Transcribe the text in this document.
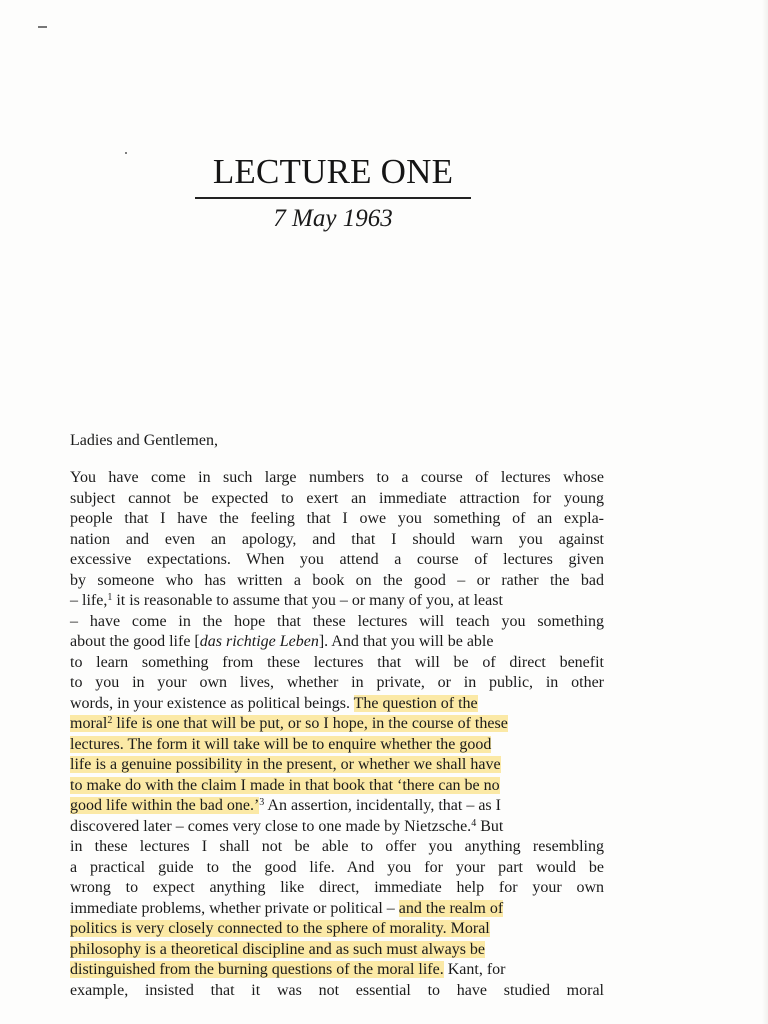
LECTURE ONE
7 May 1963
Ladies and Gentlemen,
You have come in such large numbers to a course of lectures whose
subject cannot be expected to exert an immediate attraction for young
people that I have the feeling that I owe you something of an expla-
nation and even an apology, and that I should warn you against
excessive expectations. When you attend a course of lectures given
by someone who has written a book on the good – or rather the bad
– life,$^1$ it is reasonable to assume that you – or many of you, at least
– have come in the hope that these lectures will teach you something
about the good life [das richtige Leben]. And that you will be able
to learn something from these lectures that will be of direct benefit
to you in your own lives, whether in private, or in public, in other
words, in your existence as political beings. The question of the
moral$^2$ life is one that will be put, or so I hope, in the course of these
lectures. The form it will take will be to enquire whether the good
life is a genuine possibility in the present, or whether we shall have
to make do with the claim I made in that book that ‘there can be no
good life within the bad one.’$^3$ An assertion, incidentally, that – as I
discovered later – comes very close to one made by Nietzsche.$^4$ But
in these lectures I shall not be able to offer you anything resembling
a practical guide to the good life. And you for your part would be
wrong to expect anything like direct, immediate help for your own
immediate problems, whether private or political – and the realm of
politics is very closely connected to the sphere of morality. Moral
philosophy is a theoretical discipline and as such must always be
distinguished from the burning questions of the moral life. Kant, for
example, insisted that it was not essential to have studied moral
